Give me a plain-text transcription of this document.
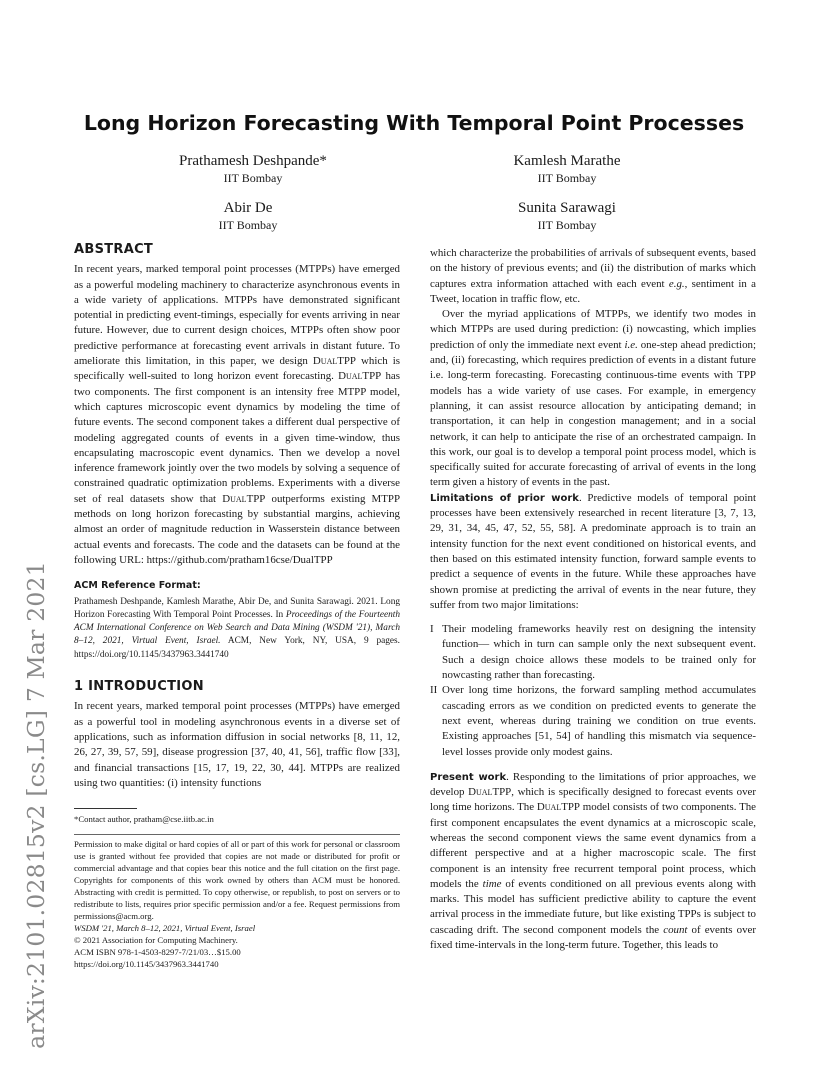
arXiv:2101.02815v2 [cs.LG] 7 Mar 2021
Long Horizon Forecasting With Temporal Point Processes
Prathamesh Deshpande*
IIT Bombay
Kamlesh Marathe
IIT Bombay
Abir De
IIT Bombay
Sunita Sarawagi
IIT Bombay
ABSTRACT

In recent years, marked temporal point processes (MTPPs) have emerged as a powerful modeling machinery to characterize asynchronous events in a wide variety of applications. MTPPs have demonstrated significant potential in predicting event-timings, especially for events arriving in near future. However, due to current design choices, MTPPs often show poor predictive performance at forecasting event arrivals in distant future. To ameliorate this limitation, in this paper, we design DualTPP which is specifically well-suited to long horizon event forecasting. DualTPP has two components. The first component is an intensity free MTPP model, which captures microscopic event dynamics by modeling the time of future events. The second component takes a different dual perspective of modeling aggregated counts of events in a given time-window, thus encapsulating macroscopic event dynamics. Then we develop a novel inference framework jointly over the two models by solving a sequence of constrained quadratic optimization problems. Experiments with a diverse set of real datasets show that DualTPP outperforms existing MTPP methods on long horizon forecasting by substantial margins, achieving almost an order of magnitude reduction in Wasserstein distance between actual events and forecasts. The code and the datasets can be found at the following URL: https://github.com/pratham16cse/DualTPP

ACM Reference Format:

Prathamesh Deshpande, Kamlesh Marathe, Abir De, and Sunita Sarawagi. 2021. Long Horizon Forecasting With Temporal Point Processes. In Proceedings of the Fourteenth ACM International Conference on Web Search and Data Mining (WSDM '21), March 8–12, 2021, Virtual Event, Israel. ACM, New York, NY, USA, 9 pages. https://doi.org/10.1145/3437963.3441740

1 INTRODUCTION

In recent years, marked temporal point processes (MTPPs) have emerged as a powerful tool in modeling asynchronous events in a diverse set of applications, such as information diffusion in social networks [8, 11, 12, 26, 27, 39, 57, 59], disease progression [37, 40, 41, 56], traffic flow [33], and financial transactions [15, 17, 19, 22, 30, 44]. MTPPs are realized using two quantities: (i) intensity functions

*Contact author, pratham@cse.iitb.ac.in
Permission to make digital or hard copies of all or part of this work for personal or classroom use is granted without fee provided that copies are not made or distributed for profit or commercial advantage and that copies bear this notice and the full citation on the first page. Copyrights for components of this work owned by others than ACM must be honored. Abstracting with credit is permitted. To copy otherwise, or republish, to post on servers or to redistribute to lists, requires prior specific permission and/or a fee. Request permissions from permissions@acm.org.
WSDM '21, March 8–12, 2021, Virtual Event, Israel
© 2021 Association for Computing Machinery.
ACM ISBN 978-1-4503-8297-7/21/03…$15.00
https://doi.org/10.1145/3437963.3441740

which characterize the probabilities of arrivals of subsequent events, based on the history of previous events; and (ii) the distribution of marks which captures extra information attached with each event e.g., sentiment in a Tweet, location in traffic flow, etc.

Over the myriad applications of MTPPs, we identify two modes in which MTPPs are used during prediction: (i) nowcasting, which implies prediction of only the immediate next event i.e. one-step ahead prediction; and, (ii) forecasting, which requires prediction of events in a distant future i.e. long-term forecasting. Forecasting continuous-time events with TPP models has a wide variety of use cases. For example, in emergency planning, it can assist resource allocation by anticipating demand; in transportation, it can help in congestion management; and in a social network, it can help to anticipate the rise of an orchestrated campaign. In this work, our goal is to develop a temporal point process model, which is specifically suited for accurate forecasting of arrival of events in the long term given a history of events in the past.

Limitations of prior work. Predictive models of temporal point processes have been extensively researched in recent literature [3, 7, 13, 29, 31, 34, 45, 47, 52, 55, 58]. A predominate approach is to train an intensity function for the next event conditioned on historical events, and then based on this estimated intensity function, forward sample events to predict a sequence of events in the future. While these approaches have shown promise at predicting the arrival of events in the near future, they suffer from two major limitations:

I Their modeling frameworks heavily rest on designing the intensity function— which in turn can sample only the next subsequent event. Such a design choice allows these models to be trained only for nowcasting rather than forecasting.
II Over long time horizons, the forward sampling method accumulates cascading errors as we condition on predicted events to generate the next event, whereas during training we condition on true events. Existing approaches [51, 54] of handling this mismatch via sequence-level losses provide only modest gains.

Present work. Responding to the limitations of prior approaches, we develop DualTPP, which is specifically designed to forecast events over long time horizons. The DualTPP model consists of two components. The first component encapsulates the event dynamics at a microscopic scale, whereas the second component views the same event dynamics from a different perspective and at a higher macroscopic scale. The first component is an intensity free recurrent temporal point process, which models the time of events conditioned on all previous events along with marks. This model has sufficient predictive ability to capture the event arrival process in the immediate future, but like existing TPPs is subject to cascading drift. The second component models the count of events over fixed time-intervals in the long-term future. Together, this leads to
